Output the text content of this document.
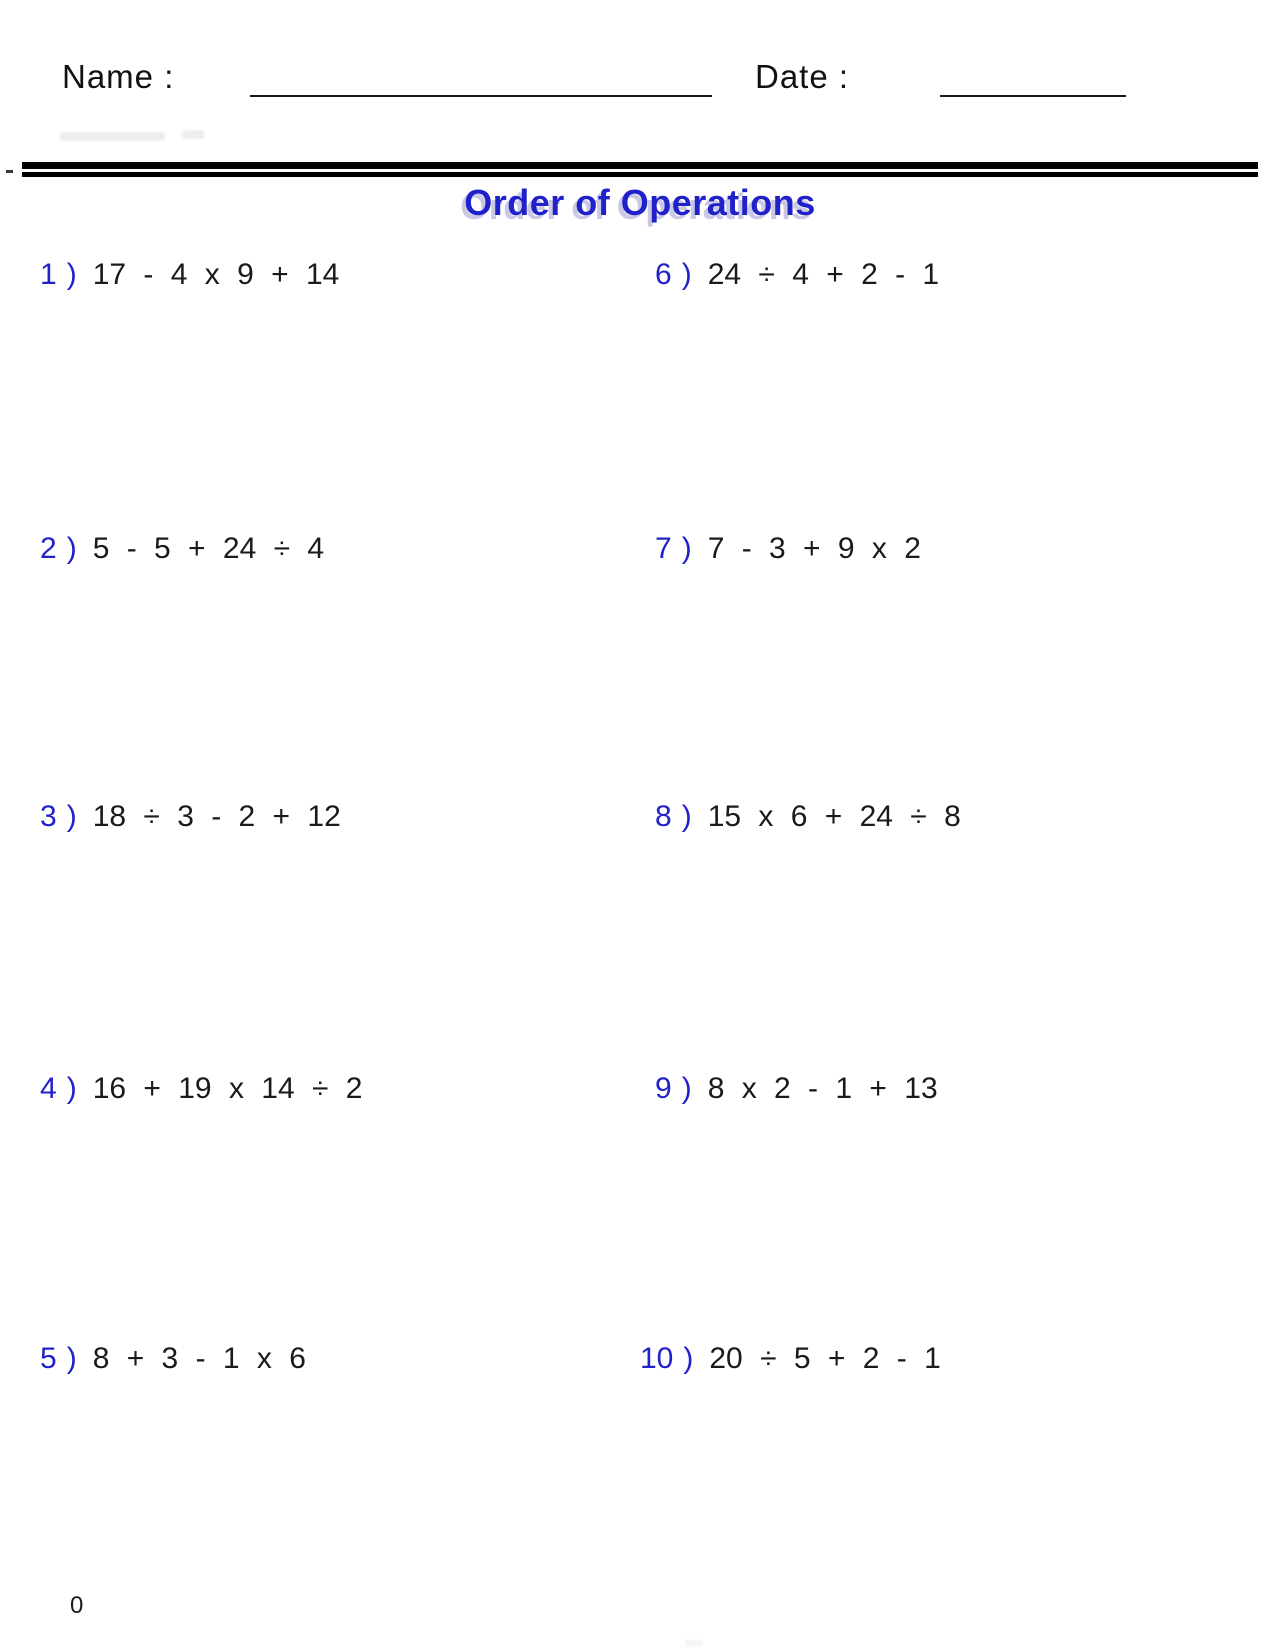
Name :	Date :
Order of Operations
1 ) 17 - 4 x 9 + 14
2 ) 5 - 5 + 24 ÷ 4
3 ) 18 ÷ 3 - 2 + 12
4 ) 16 + 19 x 14 ÷ 2
5 ) 8 + 3 - 1 x 6
6 ) 24 ÷ 4 + 2 - 1
7 ) 7 - 3 + 9 x 2
8 ) 15 x 6 + 24 ÷ 8
9 ) 8 x 2 - 1 + 13
10 ) 20 ÷ 5 + 2 - 1
0
